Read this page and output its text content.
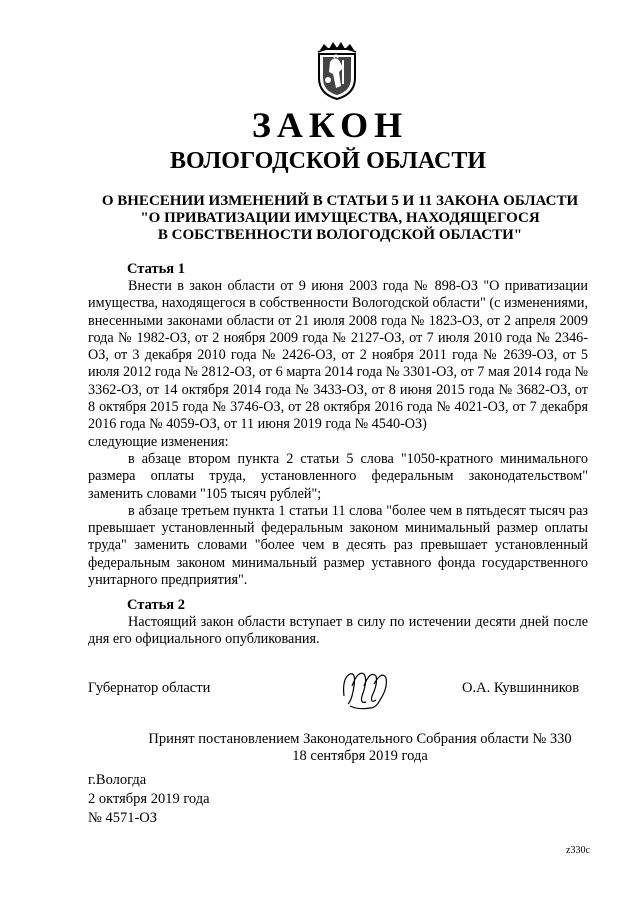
ЗАКОН
ВОЛОГОДСКОЙ ОБЛАСТИ
О ВНЕСЕНИИ ИЗМЕНЕНИЙ В СТАТЬИ 5 И 11 ЗАКОНА ОБЛАСТИ
"О ПРИВАТИЗАЦИИ ИМУЩЕСТВА, НАХОДЯЩЕГОСЯ
В СОБСТВЕННОСТИ ВОЛОГОДСКОЙ ОБЛАСТИ"
Статья 1

Внести в закон области от 9 июня 2003 года № 898-ОЗ "О приватизации имущества, находящегося в собственности Вологодской области" (с изменениями, внесенными законами области от 21 июля 2008 года № 1823-ОЗ, от 2 апреля 2009 года № 1982-ОЗ, от 2 ноября 2009 года № 2127-ОЗ, от 7 июля 2010 года № 2346-ОЗ, от 3 декабря 2010 года № 2426-ОЗ, от 2 ноября 2011 года № 2639-ОЗ, от 5 июля 2012 года № 2812-ОЗ, от 6 марта 2014 года № 3301-ОЗ, от 7 мая 2014 года № 3362-ОЗ, от 14 октября 2014 года № 3433-ОЗ, от 8 июня 2015 года № 3682-ОЗ, от 8 октября 2015 года № 3746-ОЗ, от 28 октября 2016 года № 4021-ОЗ, от 7 декабря 2016 года № 4059-ОЗ, от 11 июня 2019 года № 4540-ОЗ)

следующие изменения:

в абзаце втором пункта 2 статьи 5 слова "1050-кратного минимального размера оплаты труда, установленного федеральным законодательством" заменить словами "105 тысяч рублей";

в абзаце третьем пункта 1 статьи 11 слова "более чем в пятьдесят тысяч раз превышает установленный федеральным законом минимальный размер оплаты труда" заменить словами "более чем в десять раз превышает установленный федеральным законом минимальный размер уставного фонда государственного унитарного предприятия".

Статья 2

Настоящий закон области вступает в силу по истечении десяти дней после дня его официального опубликования.

Губернатор области	О.А. Кувшинников
Принят постановлением Законодательного Собрания области № 330
18 сентября 2019 года
г.Вологда
2 октября 2019 года
№ 4571-ОЗ
z330c
